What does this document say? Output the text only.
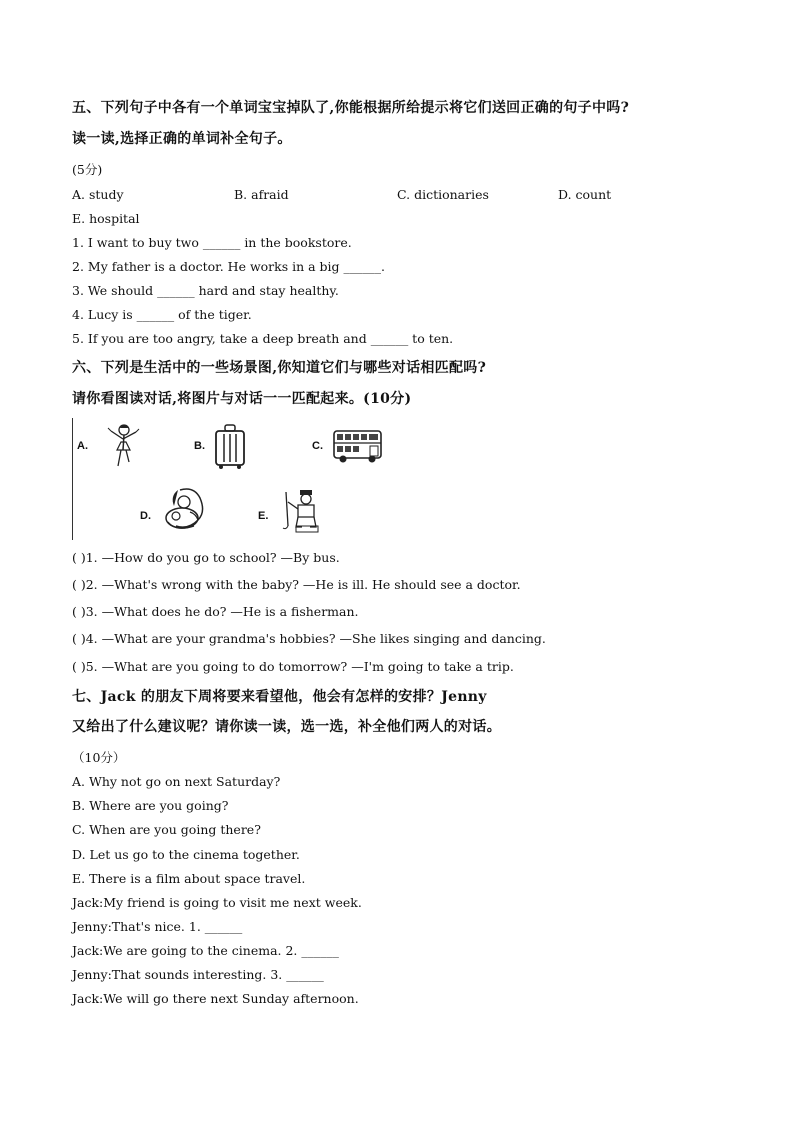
五、下列句子中各有一个单词宝宝掉队了,你能根据所给提示将它们送回正确的句子中吗?
读一读,选择正确的单词补全句子。
(5分)
A. study	B. afraid	C. dictionaries	D. count
E. hospital
1. I want to buy two ______ in the bookstore.
2. My father is a doctor. He works in a big ______.
3. We should ______ hard and stay healthy.
4. Lucy is ______ of the tiger.
5. If you are too angry, take a deep breath and ______ to ten.
六、下列是生活中的一些场景图,你知道它们与哪些对话相匹配吗?
请你看图读对话,将图片与对话一一匹配起来。(10分)
A.	B.	C.
D.	E.
( )1. —How do you go to school? —By bus.
( )2. —What's wrong with the baby? —He is ill. He should see a doctor.
( )3. —What does he do? —He is a fisherman.
( )4. —What are your grandma's hobbies? —She likes singing and dancing.
( )5. —What are you going to do tomorrow? —I'm going to take a trip.
七、Jack 的朋友下周将要来看望他，他会有怎样的安排？Jenny
又给出了什么建议呢？请你读一读，选一选，补全他们两人的对话。
（10分）
A. Why not go on next Saturday?
B. Where are you going?
C. When are you going there?
D. Let us go to the cinema together.
E. There is a film about space travel.
Jack:My friend is going to visit me next week.
Jenny:That's nice. 1. ______
Jack:We are going to the cinema. 2. ______
Jenny:That sounds interesting. 3. ______
Jack:We will go there next Sunday afternoon.
